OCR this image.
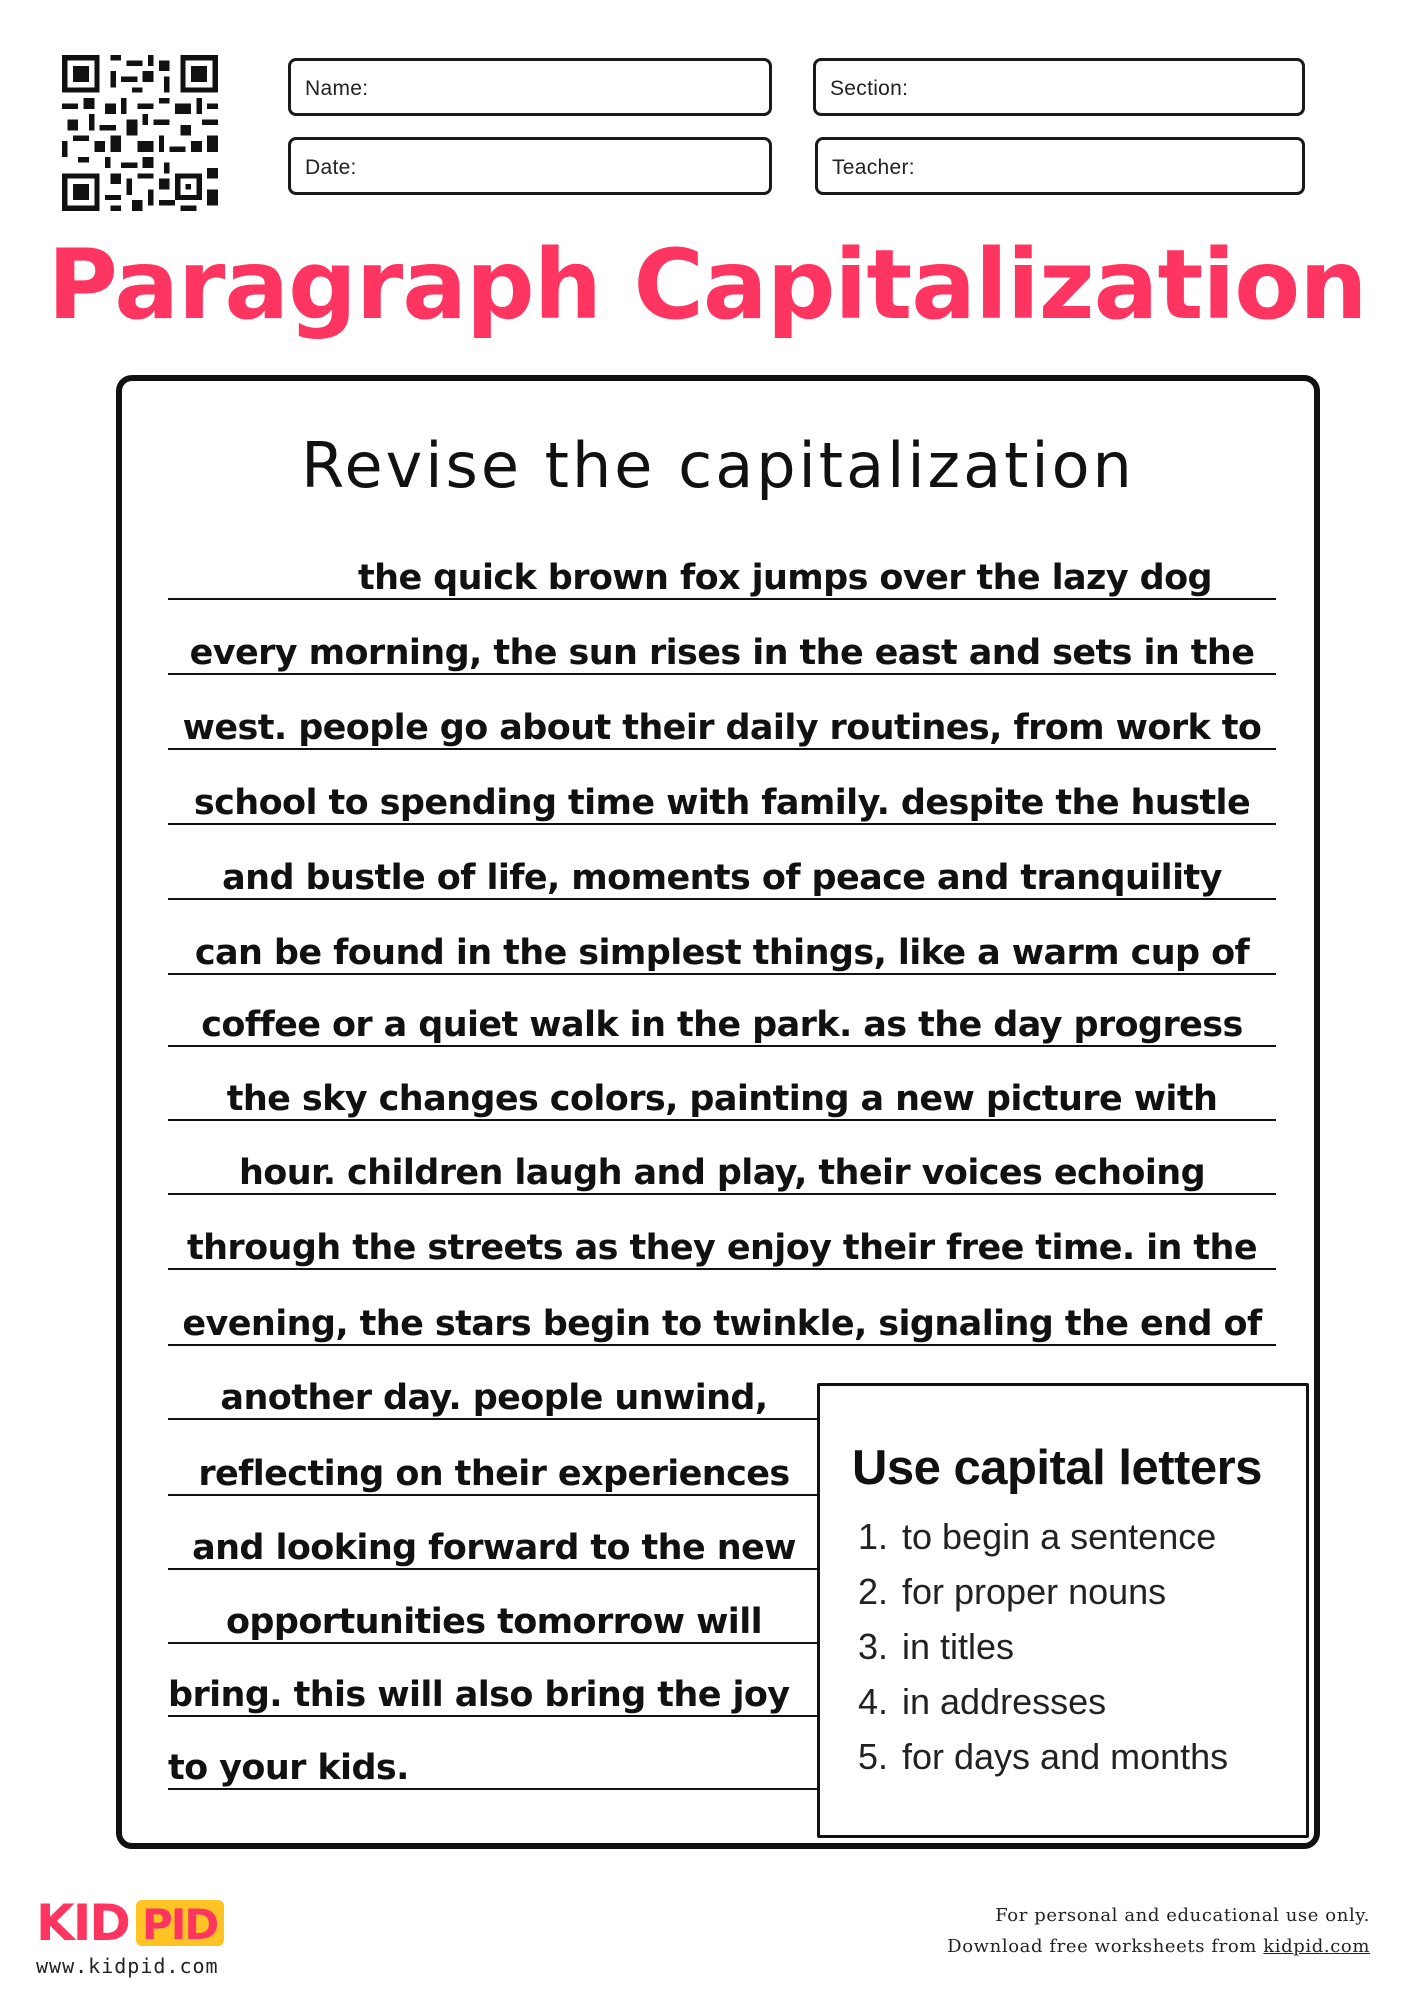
Name:	Section:
Date:	Teacher:
Paragraph Capitalization
Revise the capitalization
the quick brown fox jumps over the lazy dog
every morning, the sun rises in the east and sets in the
west. people go about their daily routines, from work to
school to spending time with family. despite the hustle
and bustle of life, moments of peace and tranquility
can be found in the simplest things, like a warm cup of
coffee or a quiet walk in the park. as the day progress
the sky changes colors, painting a new picture with
hour. children laugh and play, their voices echoing
through the streets as they enjoy their free time. in the
evening, the stars begin to twinkle, signaling the end of
another day. people unwind,
reflecting on their experiences
and looking forward to the new
opportunities tomorrow will
bring. this will also bring the joy
to your kids.
Use capital letters
1. to begin a sentence
2. for proper nouns
3. in titles
4. in addresses
5. for days and months
KID PID
www.kidpid.com
For personal and educational use only.
Download free worksheets from kidpid.com
